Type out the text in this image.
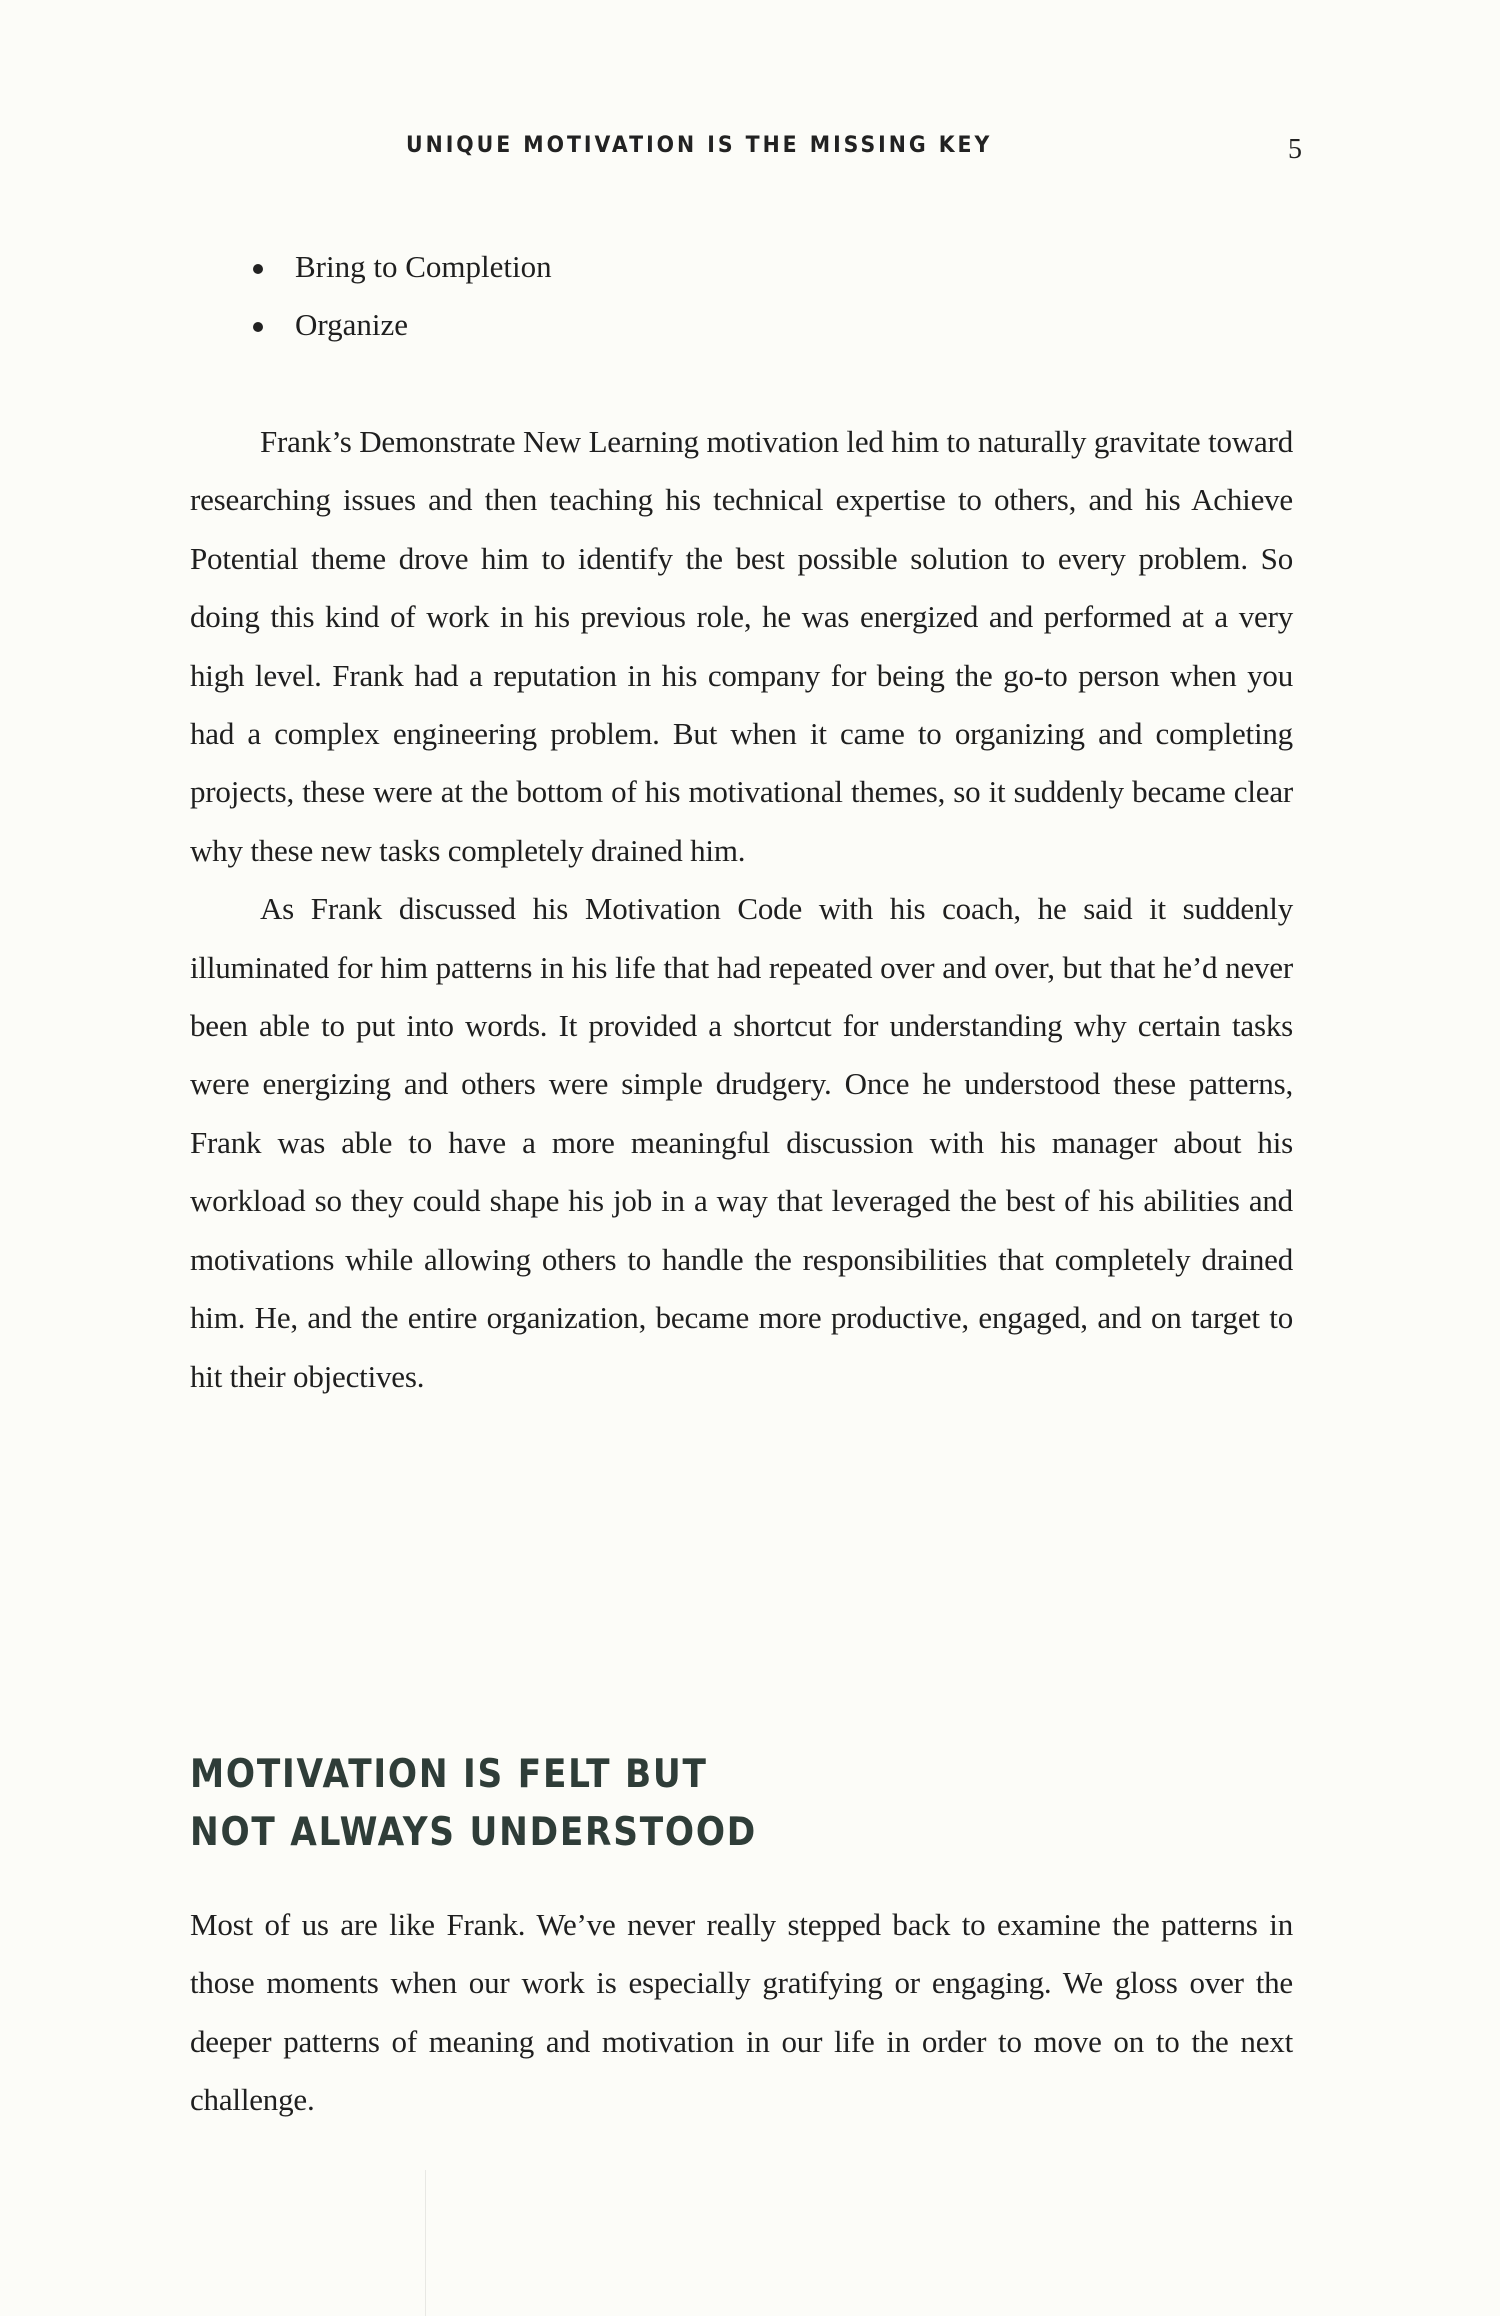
UNIQUE MOTIVATION IS THE MISSING KEY	5
Bring to Completion
Organize

Frank’s Demonstrate New Learning motivation led him to naturally gravitate toward researching issues and then teaching his technical expertise to others, and his Achieve Potential theme drove him to identify the best possible solution to every problem. So doing this kind of work in his previous role, he was energized and performed at a very high level. Frank had a reputation in his company for being the go-to person when you had a complex engineering problem. But when it came to organizing and completing projects, these were at the bottom of his motivational themes, so it suddenly became clear why these new tasks completely drained him.

As Frank discussed his Motivation Code with his coach, he said it suddenly illuminated for him patterns in his life that had repeated over and over, but that he’d never been able to put into words. It provided a shortcut for understanding why certain tasks were energizing and others were simple drudgery. Once he understood these patterns, Frank was able to have a more meaningful discussion with his manager about his workload so they could shape his job in a way that leveraged the best of his abilities and motivations while allowing others to handle the responsibilities that completely drained him. He, and the entire organization, became more productive, engaged, and on target to hit their objectives.

MOTIVATION IS FELT BUT
NOT ALWAYS UNDERSTOOD

Most of us are like Frank. We’ve never really stepped back to examine the patterns in those moments when our work is especially gratifying or engaging. We gloss over the deeper patterns of meaning and motivation in our life in order to move on to the next challenge.
